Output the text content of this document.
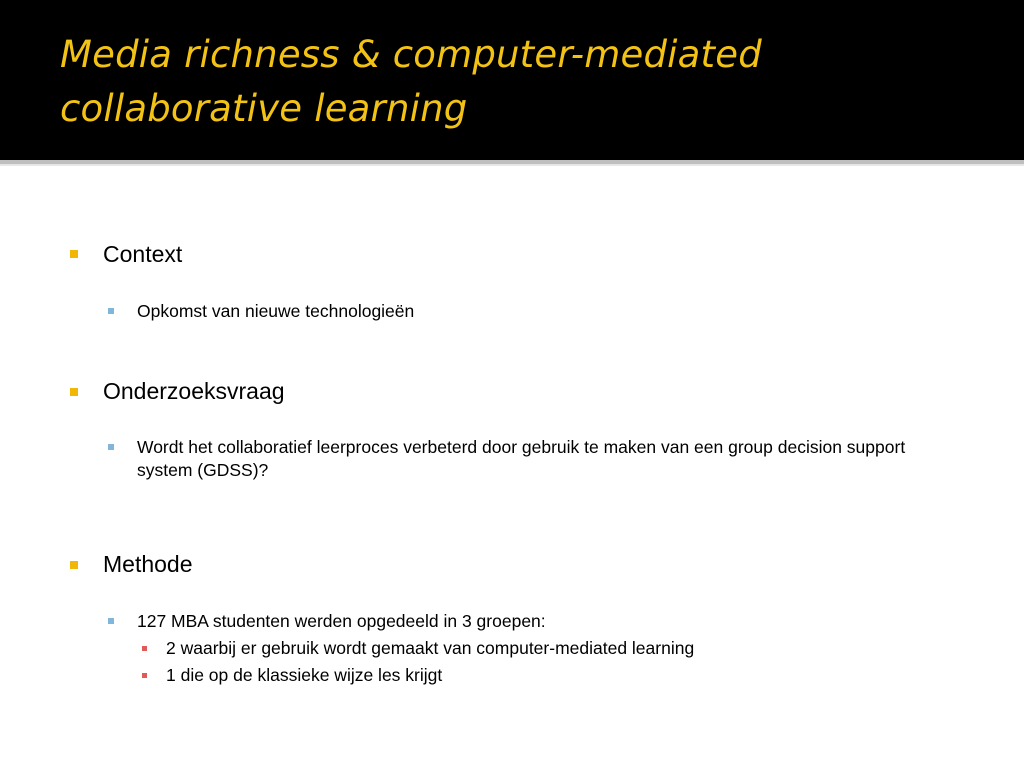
Media richness & computer-mediated collaborative learning
Context
Opkomst van nieuwe technologieën
Onderzoeksvraag
Wordt het collaboratief leerproces verbeterd door gebruik te maken van een group decision support system (GDSS)?
Methode
127 MBA studenten werden opgedeeld in 3 groepen:
2 waarbij er gebruik wordt gemaakt van computer-mediated learning
1 die op de klassieke wijze les krijgt
